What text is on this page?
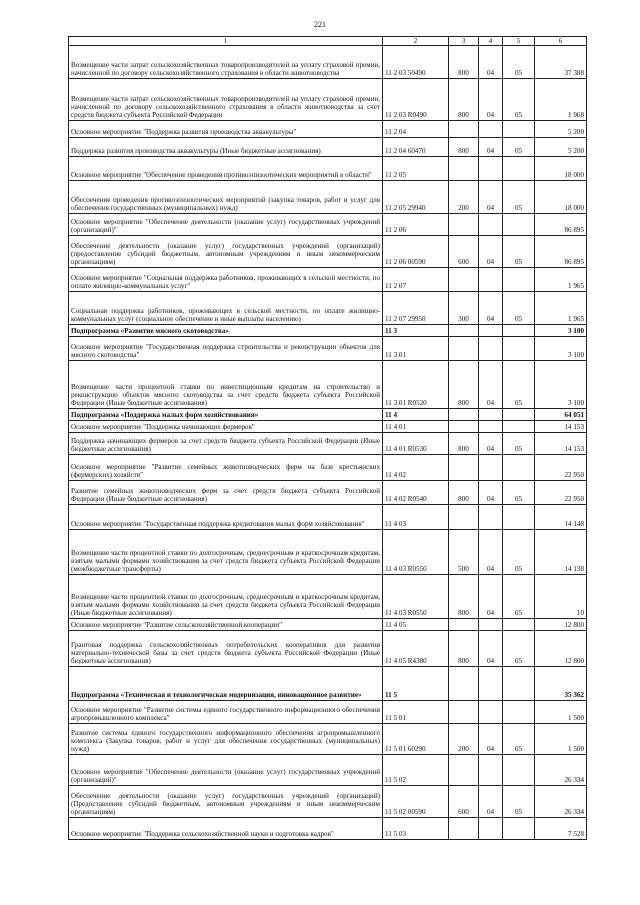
221
1	2	3	4	5	6
Возмещение части затрат сельскохозяйственных товаропроизводителей на уплату страховой премии, начисленной по договору сельскохозяйственного страхования в области животноводства	11 2 03 50490	800	04	05	37 388
Возмещение части затрат сельскохозяйственных товаропроизводителей на уплату страховой премии, начисленной по договору сельскохозяйственного страхования в области животноводства за счет средств бюджета субъекта Российской Федерации	11 2 03 R0490	800	04	05	1 968
Основное мероприятие "Поддержка развития производства аквакультуры"	11 2 04				5 200
Поддержка развития производства аквакультуры (Иные бюджетные ассигнования)	11 2 04 60470	800	04	05	5 200
Основное мероприятие "Обеспечение проведения противоэпизоотических мероприятий в области"	11 2 05				18 000
Обеспечение проведения противоэпизоотических мероприятий (закупка товаров, работ и услуг для обеспечения государственных (муниципальных) нужд)	11 2 05 29940	200	04	05	18 000
Основное мероприятие "Обеспечение деятельности (оказание услуг) государственных учреждений (организаций)"	11 2 06				86 895
Обеспечение деятельности (оказание услуг) государственных учреждений (организаций) (предоставление субсидий бюджетным, автономным учреждениям и иным некоммерческим организациям)	11 2 06 00590	600	04	05	86 895
Основное мероприятие "Социальная поддержка работников, проживающих в сельской местности, по оплате жилищно-коммунальных услуг"	11 2 07				1 965
Социальная поддержка работников, проживающих в сельской местности, по оплате жилищно-коммунальных услуг (социальное обеспечение и иные выплаты населению)	11 2 07 29950	300	04	05	1 965
Подпрограмма «Развитие мясного скотоводства»	11 3				3 100
Основное мероприятие "Государственная поддержка строительства и реконструкции объектов для мясного скотоводства"	11 3 01				3 100
Возмещение части процентной ставки по инвестиционным кредитам на строительство и реконструкцию объектов мясного скотоводства за счет средств бюджета субъекта Российской Федерации (Иные бюджетные ассигнования)	11 3 01 R0520	800	04	05	3 100
Подпрограмма «Поддержка малых форм хозяйствования»	11 4				64 051
Основное мероприятие "Поддержка начинающих фермеров"	11 4 01				14 153
Поддержка начинающих фермеров за счет средств бюджета субъекта Российской Федерации (Иные бюджетные ассигнования)	11 4 01 R0530	800	04	05	14 153
Основное мероприятие "Развитие семейных животноводческих ферм на базе крестьянских (фермерских) хозяйств"	11 4 02				22 950
Развитие семейных животноводческих ферм за счет средств бюджета субъекта Российской Федерации (Иные бюджетные ассигнования)	11 4 02 R0540	800	04	05	22 950
Основное мероприятие "Государственная поддержка кредитования малых форм хозяйствования"	11 4 03				14 148
Возмещение части процентной ставки по долгосрочным, среднесрочным и краткосрочным кредитам, взятым малыми формами хозяйствования за счет средств бюджета субъекта Российской Федерации (межбюджетные трансферты)	11 4 03 R0550	500	04	05	14 138
Возмещение части процентной ставки по долгосрочным, среднесрочным и краткосрочным кредитам, взятым малыми формами хозяйствования за счет средств бюджета субъекта Российской Федерации (Иные бюджетные ассигнования)	11 4 03 R0550	800	04	05	10
Основное мероприятие "Развитие сельскохозяйственной кооперации"	11 4 05				12 800
Грантовая поддержка сельскохозяйственных потребительских кооперативов для развития материально-технической базы за счет средств бюджета субъекта Российской Федерации (Иные бюджетные ассигнования)	11 4 05 R4380	800	04	05	12 800
Подпрограмма «Техническая и технологическая модернизация, инновационное развитие»	11 5				35 362
Основное мероприятие "Развитие системы единого государственного информационного обеспечения агропромышленного комплекса"	11 5 01				1 500
Развитие системы единого государственного информационного обеспечения агропромышленного комплекса (Закупка товаров, работ и услуг для обеспечения государственных (муниципальных) нужд)	11 5 01 60290	200	04	05	1 500
Основное мероприятие "Обеспечение деятельности (оказание услуг) государственных учреждений (организаций)"	11 5 02				26 334
Обеспечение деятельности (оказание услуг) государственных учреждений (организаций) (Предоставление субсидий бюджетным, автономным учреждениям и иным некоммерческим организациям)	11 5 02 00590	600	04	05	26 334
Основное мероприятие "Поддержка сельскохозяйственной науки и подготовка кадров"	11 5 03				7 528
